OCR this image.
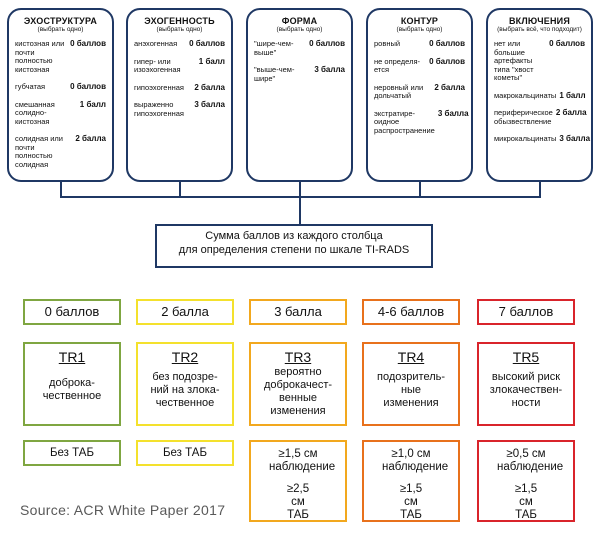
ЭХОСТРУКТУРА
(выбрать одно)
кистозная или почти полностью кистозная
0 баллов
губчатая	0 баллов
смешанная солидно-кистозная
1 балл
солидная или почти полностью солидная
2 балла
ЭХОГЕННОСТЬ
(выбрать одно)
анэхогенная	0 баллов
гипер- или изоэхогенная
1 балл
гипоэхогенная	2 балла
выраженно гипоэхогенная
3 балла
ФОРМА
(выбрать одно)
"шире-чем-выше"
0 баллов
"выше-чем-шире"
3 балла
КОНТУР
(выбрать одно)
ровный	0 баллов
не определя-ется
0 баллов
неровный или дольчатый
2 балла
экстратире-оидное распространение
3 балла
ВКЛЮЧЕНИЯ
(выбрать всё, что подходит)
нет или большие артефакты типа "хвост кометы"
0 баллов
макрокальцинаты 1 балл
периферическое обызвествление
2 балла
микрокальцинаты 3 балла
Сумма баллов из каждого столбца
для определения степени по шкале TI-RADS
0 баллов	2 балла	3 балла	4-6 баллов	7 баллов
TR1
доброка-чественное
TR2
без подозре-ний на злока-чественное
TR3
вероятно доброкачест-венные изменения
TR4
подозритель-ные изменения
TR5
высокий риск злокачествен-ности
Без ТАБ	Без ТАБ	≥1,5 см наблюдение
≥2,5 см ТАБ
≥1,0 см наблюдение
≥1,5 см ТАБ
≥0,5 см наблюдение
≥1,5 см ТАБ
Source: ACR White Paper 2017
